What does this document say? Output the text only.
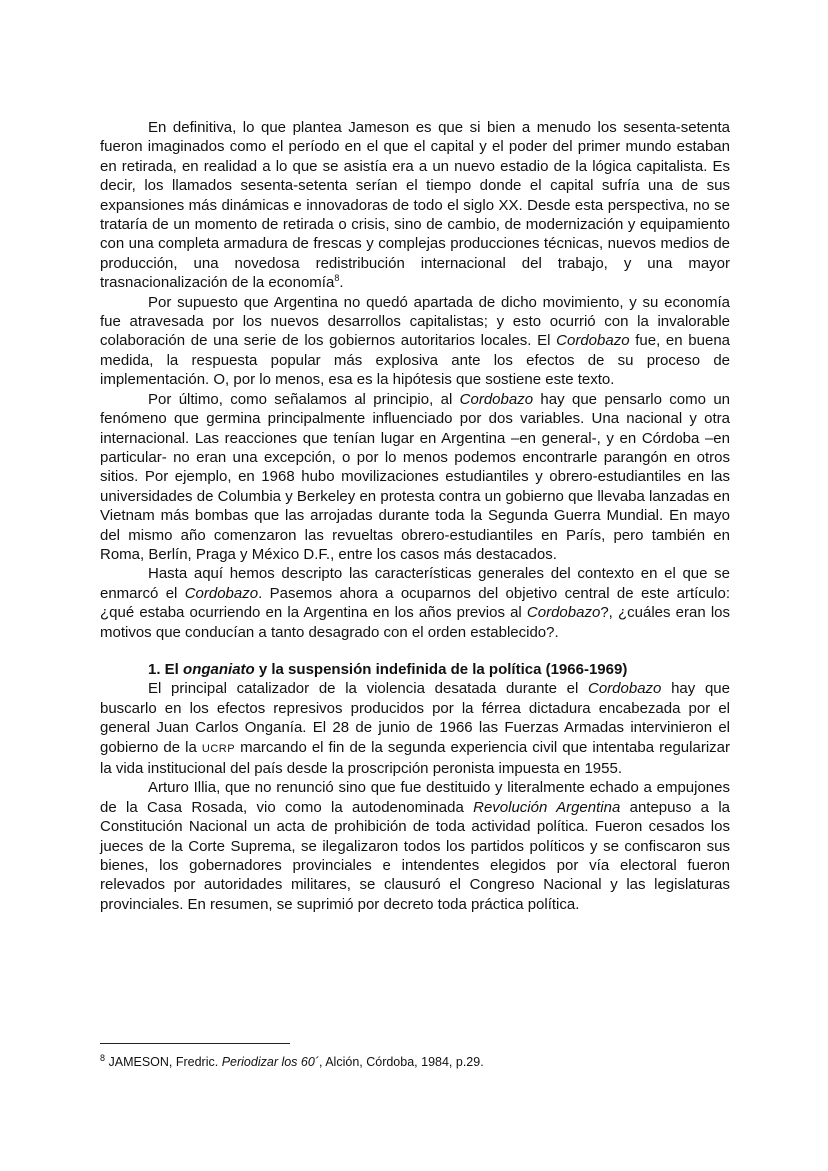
En definitiva, lo que plantea Jameson es que si bien a menudo los sesenta-setenta fueron imaginados como el período en el que el capital y el poder del primer mundo estaban en retirada, en realidad a lo que se asistía era a un nuevo estadio de la lógica capitalista. Es decir, los llamados sesenta-setenta serían el tiempo donde el capital sufría una de sus expansiones más dinámicas e innovadoras de todo el siglo XX. Desde esta perspectiva, no se trataría de un momento de retirada o crisis, sino de cambio, de modernización y equipamiento con una completa armadura de frescas y complejas producciones técnicas, nuevos medios de producción, una novedosa redistribución internacional del trabajo, y una mayor trasnacionalización de la economía$^8$.

Por supuesto que Argentina no quedó apartada de dicho movimiento, y su economía fue atravesada por los nuevos desarrollos capitalistas; y esto ocurrió con la invalorable colaboración de una serie de los gobiernos autoritarios locales. El Cordobazo fue, en buena medida, la respuesta popular más explosiva ante los efectos de su proceso de implementación. O, por lo menos, esa es la hipótesis que sostiene este texto.

Por último, como señalamos al principio, al Cordobazo hay que pensarlo como un fenómeno que germina principalmente influenciado por dos variables. Una nacional y otra internacional. Las reacciones que tenían lugar en Argentina –en general-, y en Córdoba –en particular- no eran una excepción, o por lo menos podemos encontrarle parangón en otros sitios. Por ejemplo, en 1968 hubo movilizaciones estudiantiles y obrero-estudiantiles en las universidades de Columbia y Berkeley en protesta contra un gobierno que llevaba lanzadas en Vietnam más bombas que las arrojadas durante toda la Segunda Guerra Mundial. En mayo del mismo año comenzaron las revueltas obrero-estudiantiles en París, pero también en Roma, Berlín, Praga y México D.F., entre los casos más destacados.

Hasta aquí hemos descripto las características generales del contexto en el que se enmarcó el Cordobazo. Pasemos ahora a ocuparnos del objetivo central de este artículo: ¿qué estaba ocurriendo en la Argentina en los años previos al Cordobazo?, ¿cuáles eran los motivos que conducían a tanto desagrado con el orden establecido?.

1. El onganiato y la suspensión indefinida de la política (1966-1969)

El principal catalizador de la violencia desatada durante el Cordobazo hay que buscarlo en los efectos represivos producidos por la férrea dictadura encabezada por el general Juan Carlos Onganía. El 28 de junio de 1966 las Fuerzas Armadas intervinieron el gobierno de la UCRP marcando el fin de la segunda experiencia civil que intentaba regularizar la vida institucional del país desde la proscripción peronista impuesta en 1955.

Arturo Illia, que no renunció sino que fue destituido y literalmente echado a empujones de la Casa Rosada, vio como la autodenominada Revolución Argentina antepuso a la Constitución Nacional un acta de prohibición de toda actividad política. Fueron cesados los jueces de la Corte Suprema, se ilegalizaron todos los partidos políticos y se confiscaron sus bienes, los gobernadores provinciales e intendentes elegidos por vía electoral fueron relevados por autoridades militares, se clausuró el Congreso Nacional y las legislaturas provinciales. En resumen, se suprimió por decreto toda práctica política.

$^8$ JAMESON, Fredric. Periodizar los 60´, Alción, Córdoba, 1984, p.29.
